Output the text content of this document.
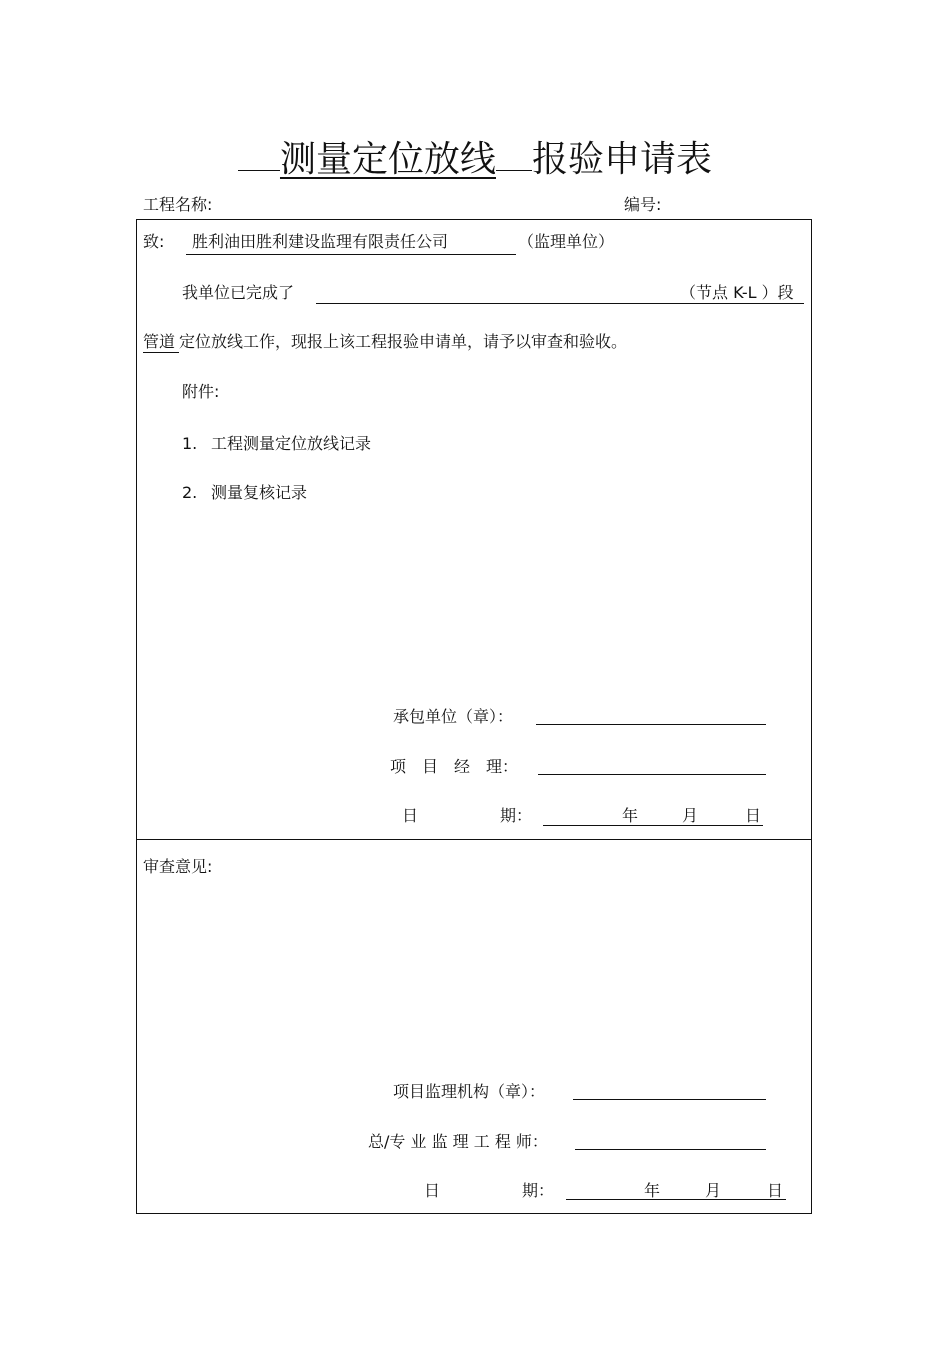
测量定位放线 报验申请表
工程名称:	编号:
致: 胜利油田胜利建设监理有限责任公司	（监理单位）
我单位已完成了	（节点 K-L ）段
管道 定位放线工作，现报上该工程报验申请单，请予以审查和验收。
附件:
1. 工程测量定位放线记录
2. 测量复核记录
承包单位（章）：
项　目　经　理：
日	期：	年	月	日
审查意见:
项目监理机构（章）：
总/专 业 监 理 工 程 师：
日	期：	年	月	日
